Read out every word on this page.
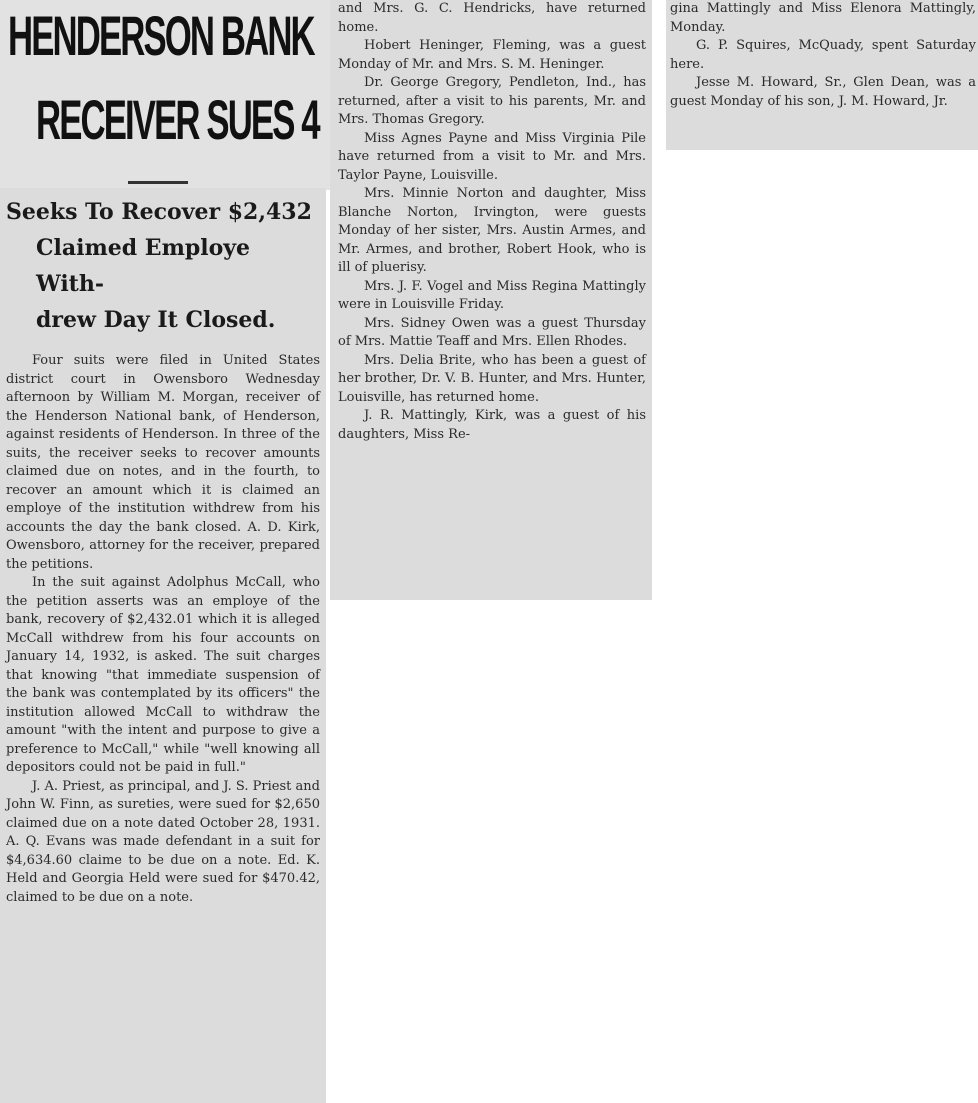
HENDERSON BANK
RECEIVER SUES 4
Seeks To Recover $2,432
Claimed Employe With-
drew Day It Closed.

Four suits were filed in United States district court in Owensboro Wednesday afternoon by William M. Morgan, receiver of the Henderson National bank, of Henderson, against residents of Henderson. In three of the suits, the receiver seeks to recover amounts claimed due on notes, and in the fourth, to recover an amount which it is claimed an employe of the institution withdrew from his accounts the day the bank closed. A. D. Kirk, Owensboro, attorney for the receiver, prepared the petitions.

In the suit against Adolphus McCall, who the petition asserts was an employe of the bank, recovery of $2,432.01 which it is alleged McCall withdrew from his four accounts on January 14, 1932, is asked. The suit charges that knowing "that immediate suspension of the bank was contemplated by its officers" the institution allowed McCall to withdraw the amount "with the intent and purpose to give a preference to McCall," while "well knowing all depositors could not be paid in full."

J. A. Priest, as principal, and J. S. Priest and John W. Finn, as sureties, were sued for $2,650 claimed due on a note dated October 28, 1931. A. Q. Evans was made defendant in a suit for $4,634.60 claime to be due on a note. Ed. K. Held and Georgia Held were sued for $470.42, claimed to be due on a note.

and Mrs. G. C. Hendricks, have returned home.

Hobert Heninger, Fleming, was a guest Monday of Mr. and Mrs. S. M. Heninger.

Dr. George Gregory, Pendleton, Ind., has returned, after a visit to his parents, Mr. and Mrs. Thomas Gregory.

Miss Agnes Payne and Miss Virginia Pile have returned from a visit to Mr. and Mrs. Taylor Payne, Louisville.

Mrs. Minnie Norton and daughter, Miss Blanche Norton, Irvington, were guests Monday of her sister, Mrs. Austin Armes, and Mr. Armes, and brother, Robert Hook, who is ill of pluerisy.

Mrs. J. F. Vogel and Miss Regina Mattingly were in Louisville Friday.

Mrs. Sidney Owen was a guest Thursday of Mrs. Mattie Teaff and Mrs. Ellen Rhodes.

Mrs. Delia Brite, who has been a guest of her brother, Dr. V. B. Hunter, and Mrs. Hunter, Louisville, has returned home.

J. R. Mattingly, Kirk, was a guest of his daughters, Miss Re-

gina Mattingly and Miss Elenora Mattingly, Monday.

G. P. Squires, McQuady, spent Saturday here.

Jesse M. Howard, Sr., Glen Dean, was a guest Monday of his son, J. M. Howard, Jr.
